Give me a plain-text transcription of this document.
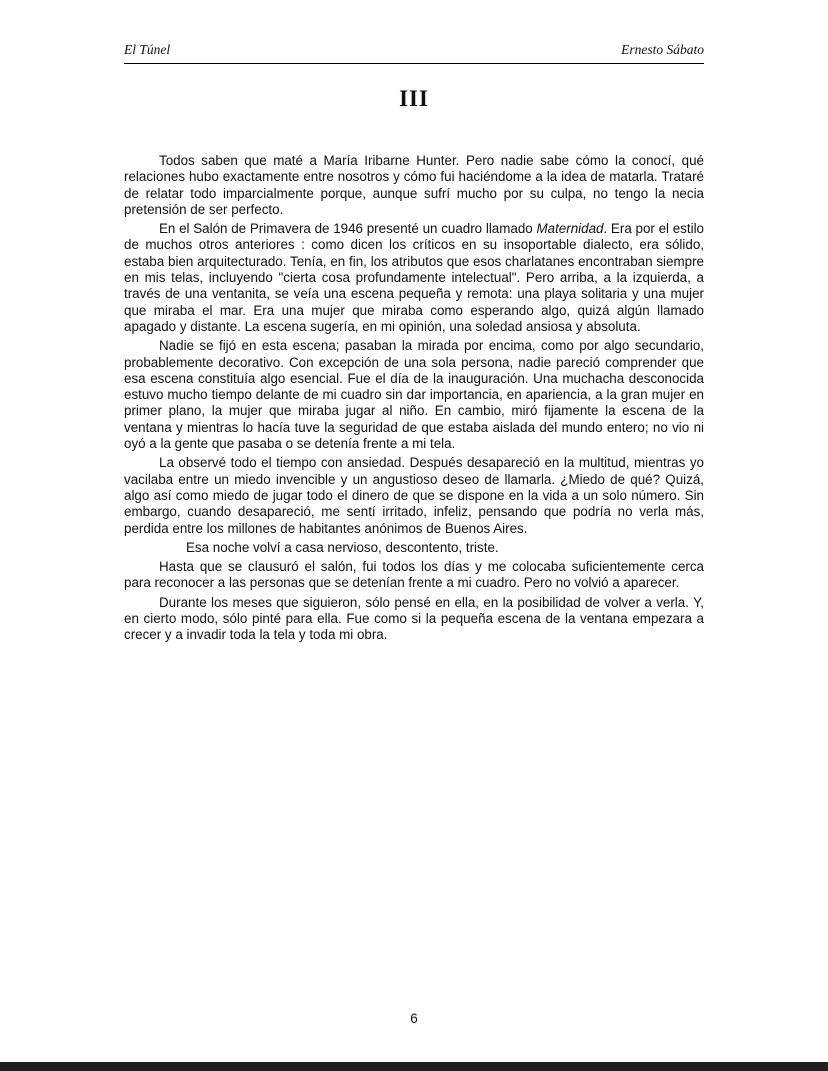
El Túnel	Ernesto Sábato
III

Todos saben que maté a María Iribarne Hunter. Pero nadie sabe cómo la conocí, qué relaciones hubo exactamente entre nosotros y cómo fui haciéndome a la idea de matarla. Trataré de relatar todo imparcialmente porque, aunque sufrí mucho por su culpa, no tengo la necia pretensión de ser perfecto.

En el Salón de Primavera de 1946 presenté un cuadro llamado Maternidad. Era por el estilo de muchos otros anteriores : como dicen los críticos en su insoportable dialecto, era sólido, estaba bien arquitecturado. Tenía, en fin, los atributos que esos charlatanes encontraban siempre en mis telas, incluyendo "cierta cosa profundamente intelectual". Pero arriba, a la izquierda, a través de una ventanita, se veía una escena pequeña y remota: una playa solitaria y una mujer que miraba el mar. Era una mujer que miraba como esperando algo, quizá algún llamado apagado y distante. La escena sugería, en mi opinión, una soledad ansiosa y absoluta.

Nadie se fijó en esta escena; pasaban la mirada por encima, como por algo secundario, probablemente decorativo. Con excepción de una sola persona, nadie pareció comprender que esa escena constituía algo esencial. Fue el día de la inauguración. Una muchacha desconocida estuvo mucho tiempo delante de mi cuadro sin dar importancia, en apariencia, a la gran mujer en primer plano, la mujer que miraba jugar al niño. En cambio, miró fijamente la escena de la ventana y mientras lo hacía tuve la seguridad de que estaba aislada del mundo entero; no vio ni oyó a la gente que pasaba o se detenía frente a mi tela.

La observé todo el tiempo con ansiedad. Después desapareció en la multitud, mientras yo vacilaba entre un miedo invencible y un angustioso deseo de llamarla. ¿Miedo de qué? Quizá, algo así como miedo de jugar todo el dinero de que se dispone en la vida a un solo número. Sin embargo, cuando desapareció, me sentí irritado, infeliz, pensando que podría no verla más, perdida entre los millones de habitantes anónimos de Buenos Aires.

Esa noche volví a casa nervioso, descontento, triste.

Hasta que se clausuró el salón, fui todos los días y me colocaba suficientemente cerca para reconocer a las personas que se detenían frente a mi cuadro. Pero no volvió a aparecer.

Durante los meses que siguieron, sólo pensé en ella, en la posibilidad de volver a verla. Y, en cierto modo, sólo pinté para ella. Fue como si la pequeña escena de la ventana empezara a crecer y a invadir toda la tela y toda mi obra.

6
